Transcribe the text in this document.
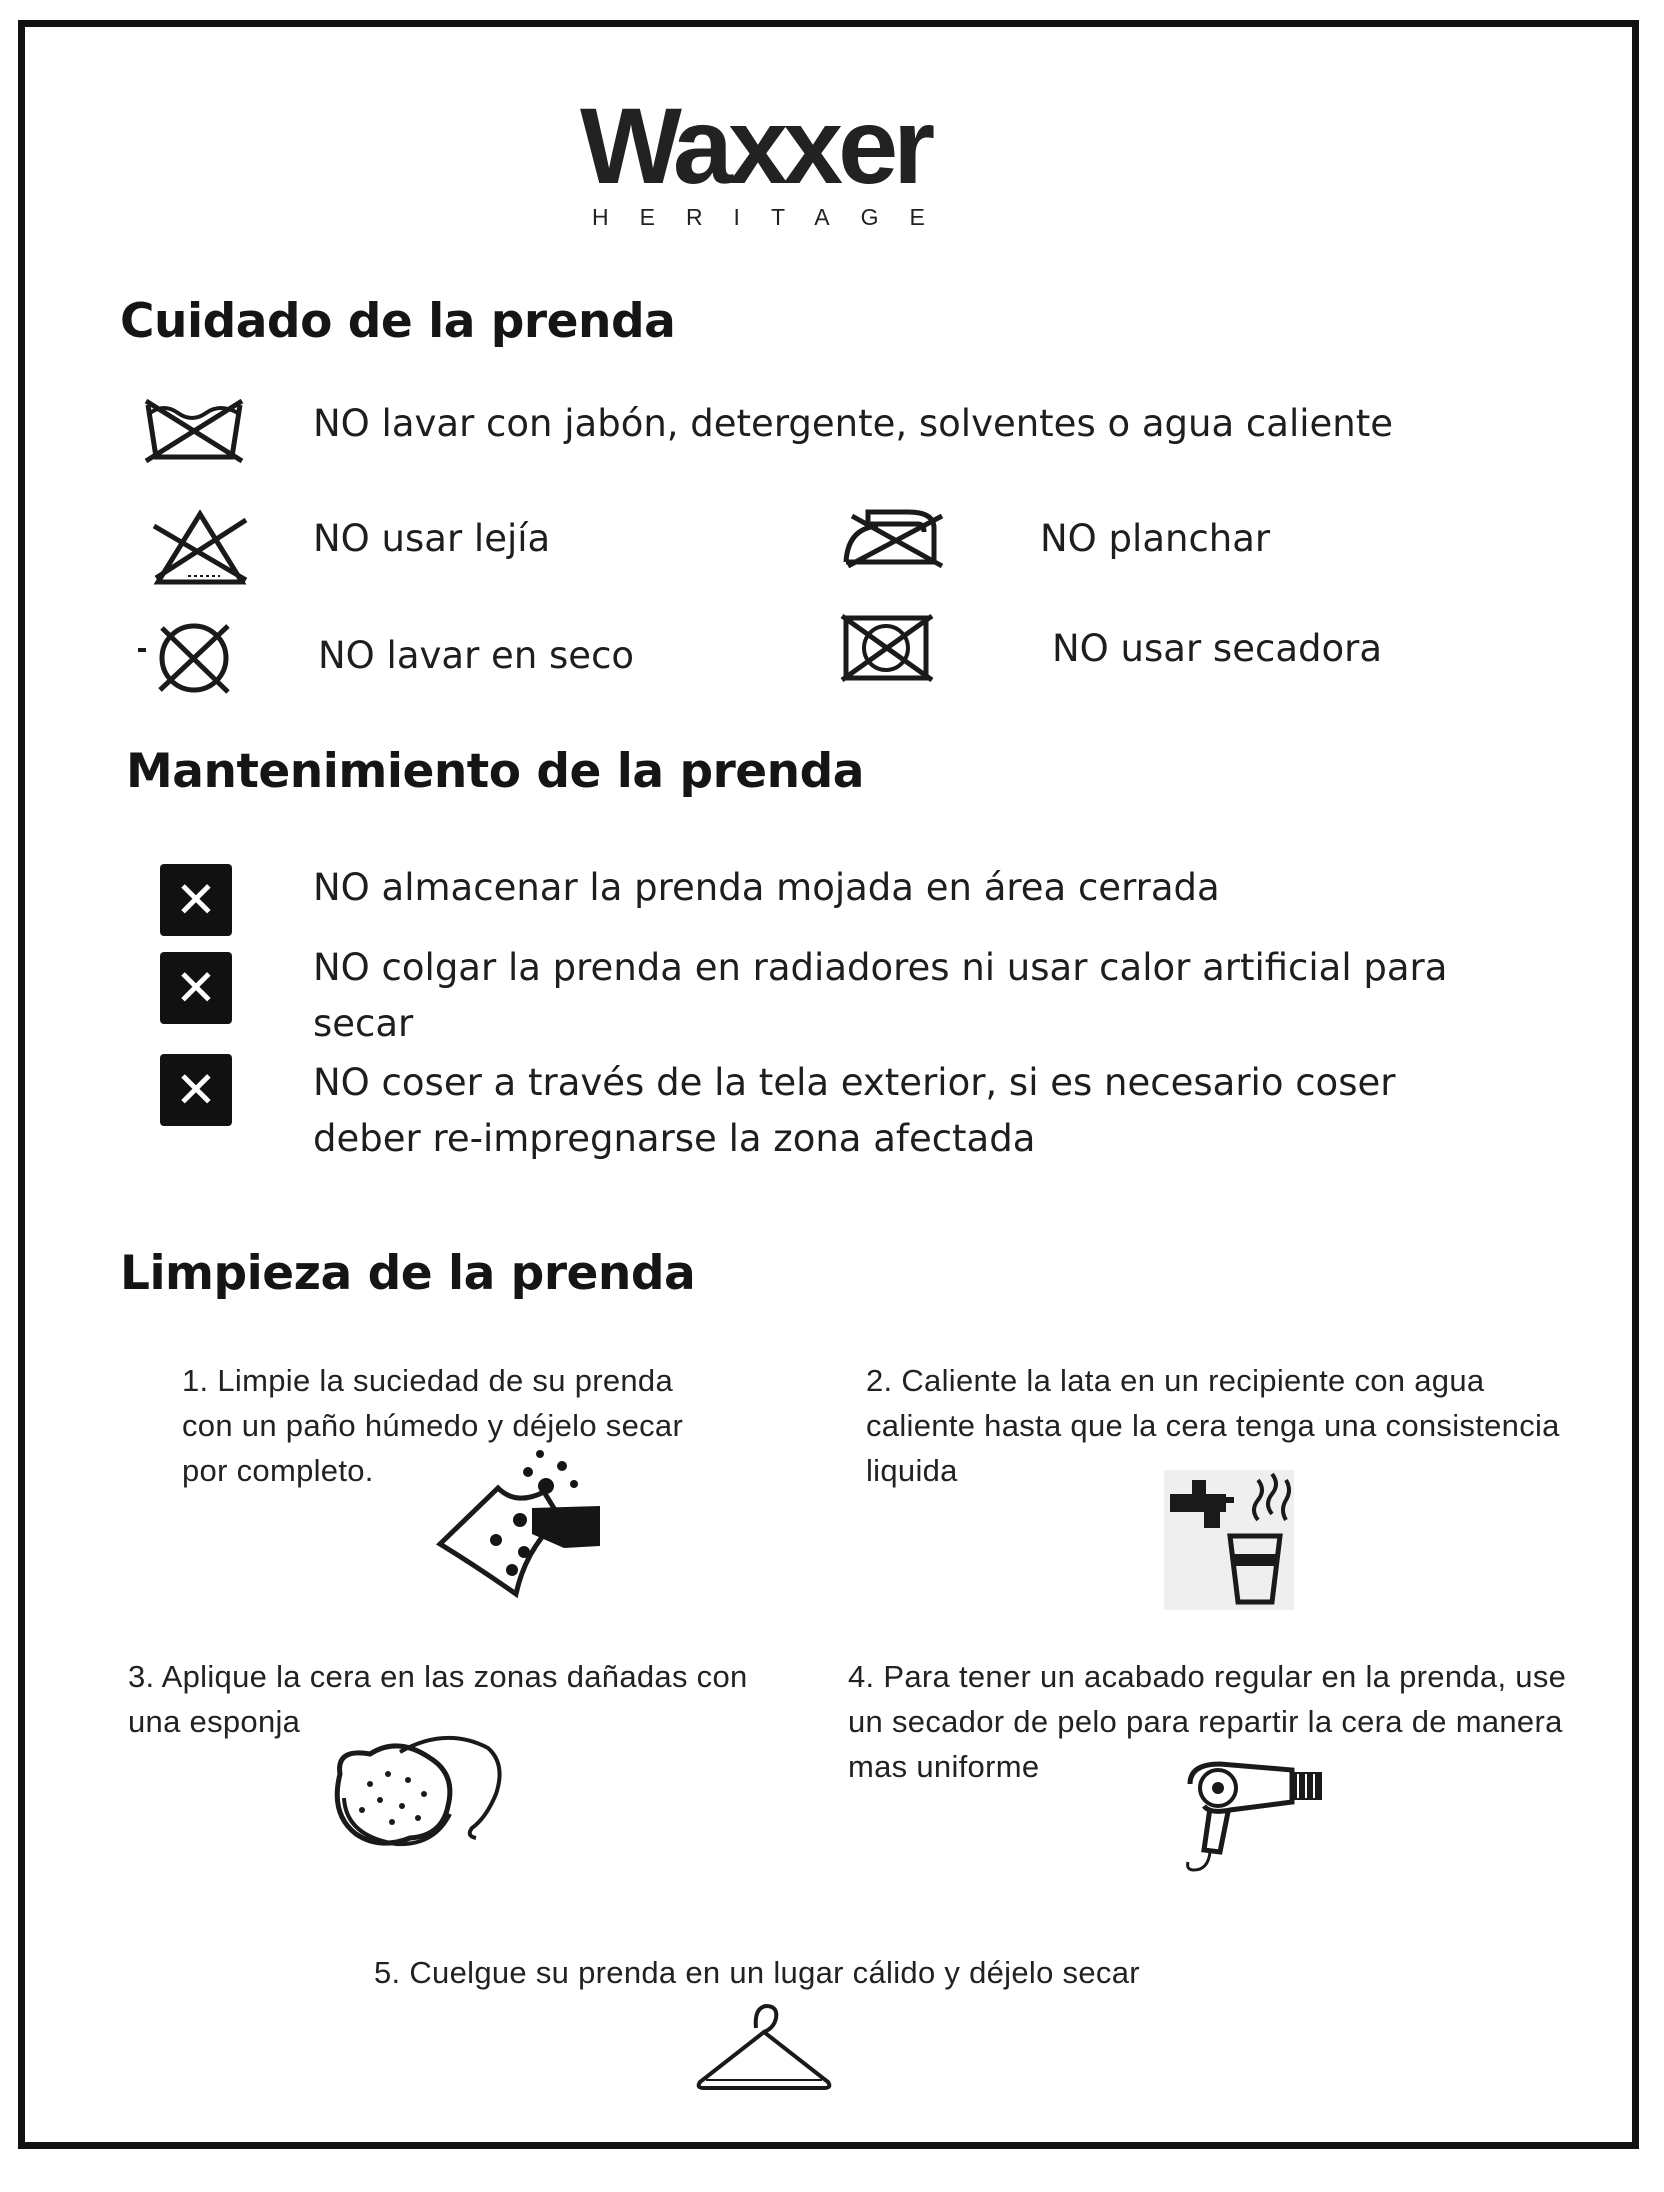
Waxxer
HERITAGE
Cuidado de la prenda
NO lavar con jabón, detergente, solventes o agua caliente
NO usar lejía	NO planchar
NO lavar en seco	NO usar secadora
Mantenimiento de la prenda
✕	NO almacenar la prenda mojada en área cerrada
✕	NO colgar la prenda en radiadores ni usar calor artificial para
secar
✕	NO coser a través de la tela exterior, si es necesario coser
deber re-impregnarse la zona afectada
Limpieza de la prenda
1. Limpie la suciedad de su prenda
con un paño húmedo y déjelo secar
por completo.
2. Caliente la lata en un recipiente con agua
caliente hasta que la cera tenga una consistencia
liquida
3. Aplique la cera en las zonas dañadas con
una esponja
4. Para tener un acabado regular en la prenda, use
un secador de pelo para repartir la cera de manera
mas uniforme
5. Cuelgue su prenda en un lugar cálido y déjelo secar
